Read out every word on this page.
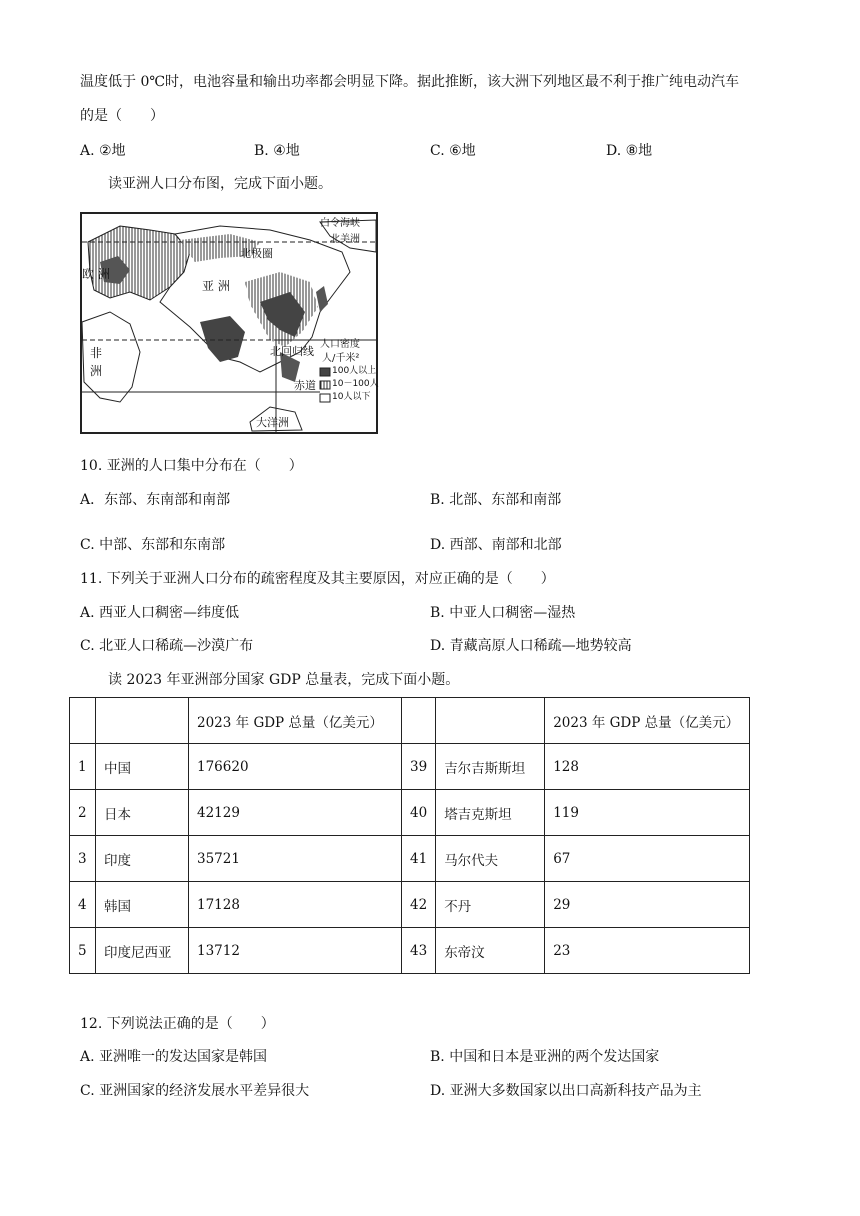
温度低于 0℃时，电池容量和输出功率都会明显下降。据此推断，该大洲下列地区最不利于推广纯电动汽车
的是（　　）
A. ②地	B. ④地	C. ⑥地	D. ⑧地
读亚洲人口分布图，完成下面小题。
欧 洲
亚 洲
北极圈
非
洲
北回归线
赤道
大洋洲
白令海峡
北美洲
人口密度
人/千米²
100人以上
10－100人
10人以下
10. 亚洲的人口集中分布在（　　）
A．东部、东南部和南部	B. 北部、东部和南部
C. 中部、东部和东南部	D. 西部、南部和北部
11. 下列关于亚洲人口分布的疏密程度及其主要原因，对应正确的是（　　）
A. 西亚人口稠密—纬度低	B. 中亚人口稠密—湿热
C. 北亚人口稀疏—沙漠广布	D. 青藏高原人口稀疏—地势较高
读 2023 年亚洲部分国家 GDP 总量表，完成下面小题。
		2023 年 GDP 总量（亿美元）			2023 年 GDP 总量（亿美元）
1	中国	176620	39	吉尔吉斯斯坦	128
2	日本	42129	40	塔吉克斯坦	119
3	印度	35721	41	马尔代夫	67
4	韩国	17128	42	不丹	29
5	印度尼西亚	13712	43	东帝汶	23
12. 下列说法正确的是（　　）
A. 亚洲唯一的发达国家是韩国	B. 中国和日本是亚洲的两个发达国家
C. 亚洲国家的经济发展水平差异很大	D. 亚洲大多数国家以出口高新科技产品为主
